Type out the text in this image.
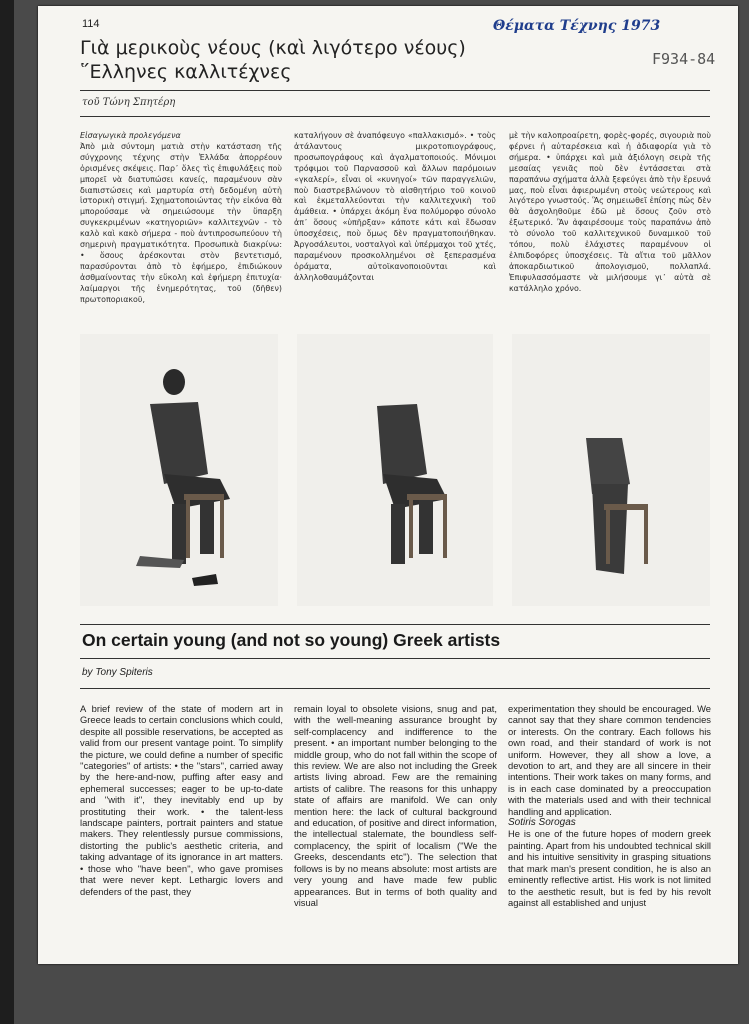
114	Θέματα Τέχνης 1973
F934-84
Γιὰ μερικοὺς νέους (καὶ λιγότερο νέους)
῞Ελληνες καλλιτέχνες
τοῦ Τώνη Σπητέρη

Εἰσαγωγικὰ προλεγόμενα

Ἀπὸ μιὰ σύντομη ματιὰ στὴν κατάσταση τῆς σύγχρονης τέχνης στὴν Ἑλλάδα ἀπορρέουν ὁρισμένες σκέψεις. Παρ᾿ ὅλες τὶς ἐπιφυλάξεις ποὺ μπορεῖ νὰ διατυπώσει κανείς, παραμένουν σὰν διαπιστώσεις καὶ μαρτυρία στὴ δεδομένη αὐτὴ ἱστορικὴ στιγμή. Σχηματοποιώντας τὴν εἰκόνα θὰ μπορούσαμε νὰ σημειώσουμε τὴν ὕπαρξη συγκεκριμένων «κατηγοριῶν» καλλιτεχνῶν - τὸ καλὸ καὶ κακὸ σήμερα - ποὺ ἀντιπροσωπεύουν τὴ σημερινὴ πραγματικότητα. Προσωπικὰ διακρίνω: • ὅσους ἀρέσκονται στὸν βεντετισμό, παρασύρονται ἀπὸ τὸ ἐφήμερο, ἐπιδιώκουν ἀσθμαίνοντας τὴν εὔκολη καὶ ἐφήμερη ἐπιτυχία· λαίμαργοι τῆς ἐνημερότητας, τοῦ (δῆθεν) πρωτοποριακοῦ,

καταλήγουν σὲ ἀναπόφευγο «παλλακισμό». • τοὺς ἀτάλαντους μικροτοπιογράφους, προσωπογράφους καὶ ἀγαλματοποιούς. Μόνιμοι τρόφιμοι τοῦ Παρνασσοῦ καὶ ἄλλων παρόμοιων «γκαλερί», εἶναι οἱ «κυνηγοί» τῶν παραγγελιῶν, ποὺ διαστρεβλώνουν τὸ αἰσθητήριο τοῦ κοινοῦ καὶ ἐκμεταλλεύονται τὴν καλλιτεχνικὴ τοῦ ἀμάθεια. • ὑπάρχει ἀκόμη ἕνα πολύμορφο σύνολο ἀπ᾿ ὅσους «ὑπῆρξαν» κάποτε κάτι καὶ ἔδωσαν ὑποσχέσεις, ποὺ ὅμως δὲν πραγματοποιήθηκαν. Ἀργοσάλευτοι, νοσταλγοὶ καὶ ὑπέρμαχοι τοῦ χτές, παραμένουν προσκολλημένοι σὲ ξεπερασμένα ὁράματα, αὐτοϊκανοποιοῦνται καὶ ἀλληλοθαυμάζονται

μὲ τὴν καλοπροαίρετη, φορὲς-φορές, σιγουριὰ ποὺ φέρνει ἡ αὐταρέσκεια καὶ ἡ ἀδιαφορία γιὰ τὸ σήμερα. • ὑπάρχει καὶ μιὰ ἀξιόλογη σειρὰ τῆς μεσαίας γενιᾶς ποὺ δὲν ἐντάσσεται στὰ παραπάνω σχήματα ἀλλὰ ξεφεύγει ἀπὸ τὴν ἔρευνά μας, ποὺ εἶναι ἀφιερωμένη στοὺς νεώτερους καὶ λιγότερο γνωστούς. Ἃς σημειωθεῖ ἐπίσης πὼς δὲν θὰ ἀσχοληθοῦμε ἐδῶ μὲ ὅσους ζοῦν στὸ ἐξωτερικό. Ἂν ἀφαιρέσουμε τοὺς παραπάνω ἀπὸ τὸ σύνολο τοῦ καλλιτεχνικοῦ δυναμικοῦ τοῦ τόπου, πολὺ ἐλάχιστες παραμένουν οἱ ἐλπιδοφόρες ὑποσχέσεις. Τὰ αἴτια τοῦ μᾶλλον ἀποκαρδιωτικοῦ ἀπολογισμοῦ, πολλαπλά. Ἐπιφυλασσόμαστε νὰ μιλήσουμε γι᾿ αὐτὰ σὲ κατάλληλο χρόνο.

On certain young (and not so young) Greek artists
by Tony Spiteris

A brief review of the state of modern art in Greece leads to certain conclusions which could, despite all possible reservations, be accepted as valid from our present vantage point. To simplify the picture, we could define a number of specific ''categories'' of artists: • the ''stars'', carried away by the here-and-now, puffing after easy and ephemeral successes; eager to be up-to-date and ''with it'', they inevitably end up by prostituting their work. • the talent-less landscape painters, portrait painters and statue makers. They relentlessly pursue commissions, distorting the public's aesthetic criteria, and taking advantage of its ignorance in art matters. • those who ''have been'', who gave promises that were never kept. Lethargic lovers and defenders of the past, they

remain loyal to obsolete visions, snug and pat, with the well-meaning assurance brought by self-complacency and indifference to the present. • an important number belonging to the middle group, who do not fall within the scope of this review. We are also not including the Greek artists living abroad. Few are the remaining artists of calibre. The reasons for this unhappy state of affairs are manifold. We can only mention here: the lack of cultural background and education, of positive and direct information, the intellectual stalemate, the boundless self-complacency, the spirit of localism (''We the Greeks, descendants etc''). The selection that follows is by no means absolute: most artists are very young and have made few public appearances. But in terms of both quality and visual

experimentation they should be encouraged. We cannot say that they share common tendencies or interests. On the contrary. Each follows his own road, and their standard of work is not uniform. However, they all show a love, a devotion to art, and they are all sincere in their intentions. Their work takes on many forms, and is in each case dominated by a preoccupation with the materials used and with their technical handling and application.

Sotiris Sorogas

He is one of the future hopes of modern greek painting. Apart from his undoubted technical skill and his intuitive sensitivity in grasping situations that mark man's present condition, he is also an eminently reflective artist. His work is not limited to the aesthetic result, but is fed by his revolt against all established and unjust
